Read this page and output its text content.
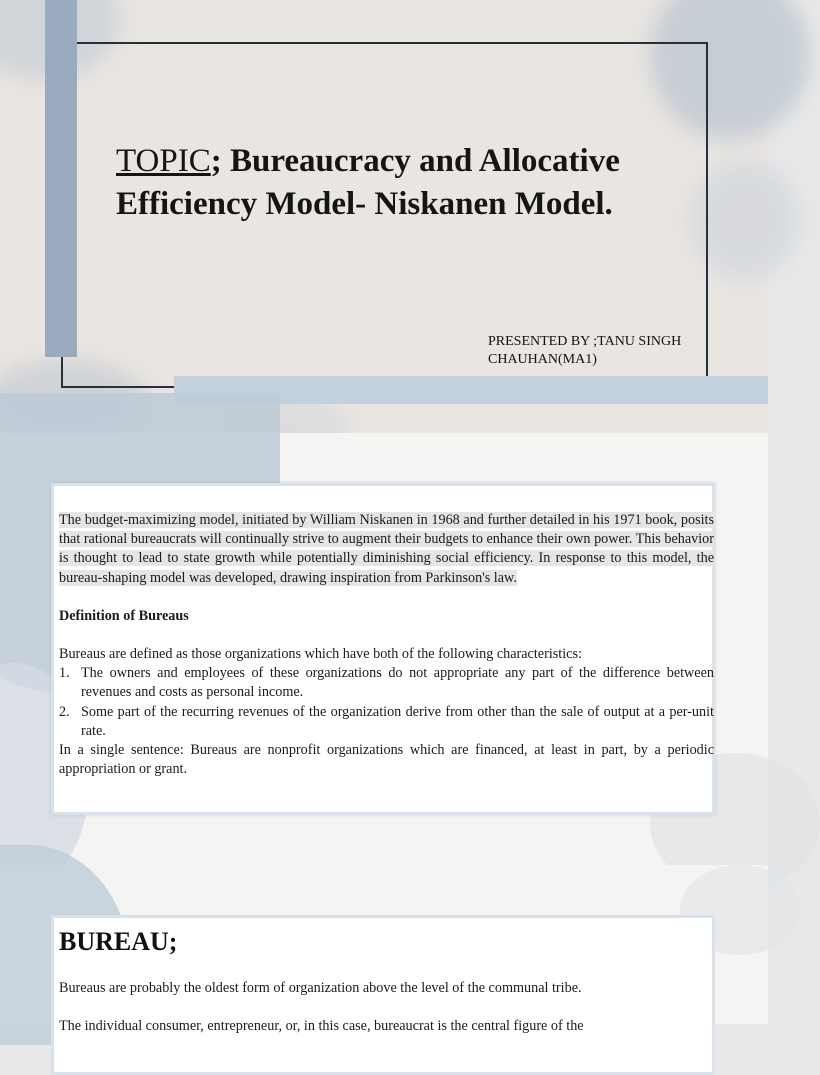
TOPIC; Bureaucracy and Allocative Efficiency Model- Niskanen Model.
PRESENTED BY ;TANU SINGH
CHAUHAN(MA1)

The budget-maximizing model, initiated by William Niskanen in 1968 and further detailed in his 1971 book, posits that rational bureaucrats will continually strive to augment their budgets to enhance their own power. This behavior is thought to lead to state growth while potentially diminishing social efficiency. In response to this model, the bureau-shaping model was developed, drawing inspiration from Parkinson's law.

Definition of Bureaus

Bureaus are defined as those organizations which have both of the following characteristics:

1. The owners and employees of these organizations do not appropriate any part of the difference between revenues and costs as personal income.
2. Some part of the recurring revenues of the organization derive from other than the sale of output at a per-unit rate.

In a single sentence: Bureaus are nonprofit organizations which are financed, at least in part, by a periodic appropriation or grant.

BUREAU;

Bureaus are probably the oldest form of organization above the level of the communal tribe.

The individual consumer, entrepreneur, or, in this case, bureaucrat is the central figure of the
